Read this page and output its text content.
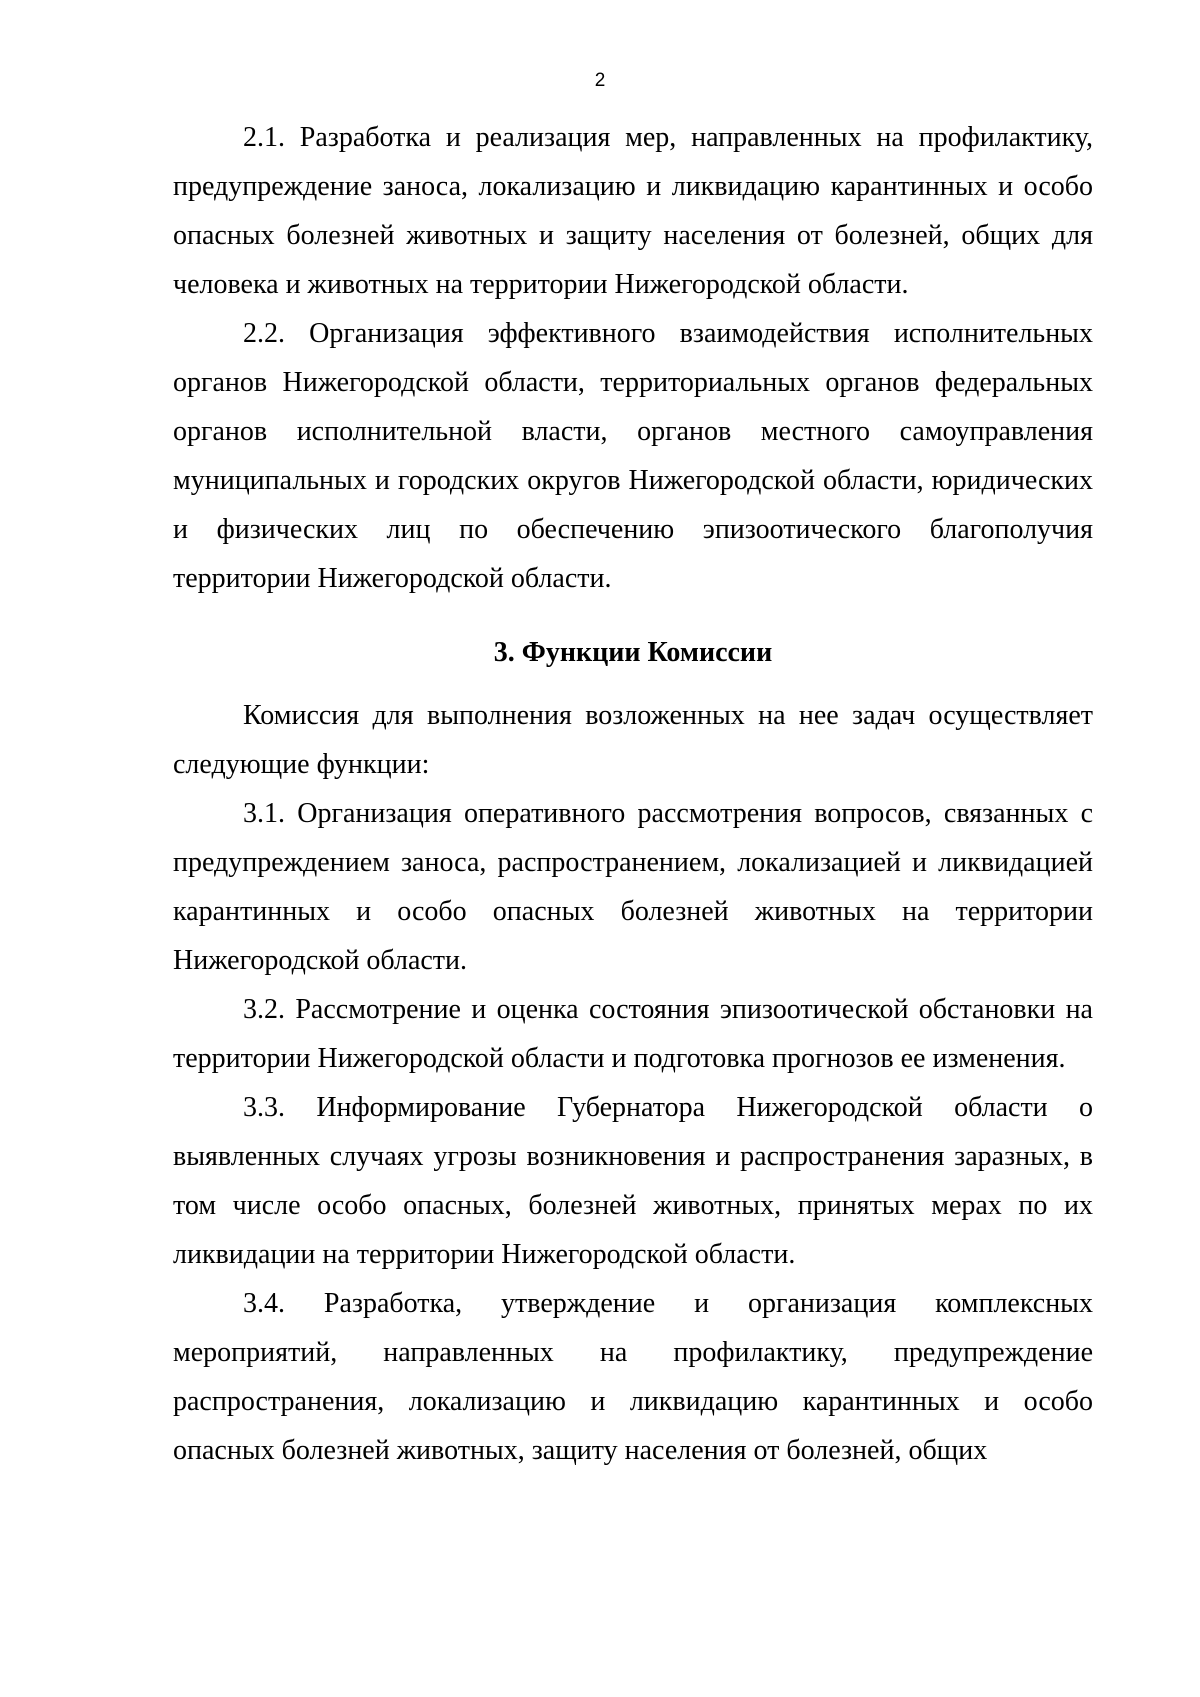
2

2.1. Разработка и реализация мер, направленных на профилактику, предупреждение заноса, локализацию и ликвидацию карантинных и особо опасных болезней животных и защиту населения от болезней, общих для человека и животных на территории Нижегородской области.

2.2. Организация эффективного взаимодействия исполнительных органов Нижегородской области, территориальных органов федеральных органов исполнительной власти, органов местного самоуправления муниципальных и городских округов Нижегородской области, юридических и физических лиц по обеспечению эпизоотического благополучия территории Нижегородской области.

3. Функции Комиссии

Комиссия для выполнения возложенных на нее задач осуществляет следующие функции:

3.1. Организация оперативного рассмотрения вопросов, связанных с предупреждением заноса, распространением, локализацией и ликвидацией карантинных и особо опасных болезней животных на территории Нижегородской области.

3.2. Рассмотрение и оценка состояния эпизоотической обстановки на территории Нижегородской области и подготовка прогнозов ее изменения.

3.3. Информирование Губернатора Нижегородской области о выявленных случаях угрозы возникновения и распространения заразных, в том числе особо опасных, болезней животных, принятых мерах по их ликвидации на территории Нижегородской области.

3.4. Разработка, утверждение и организация комплексных мероприятий, направленных на профилактику, предупреждение распространения, локализацию и ликвидацию карантинных и особо опасных болезней животных, защиту населения от болезней, общих
